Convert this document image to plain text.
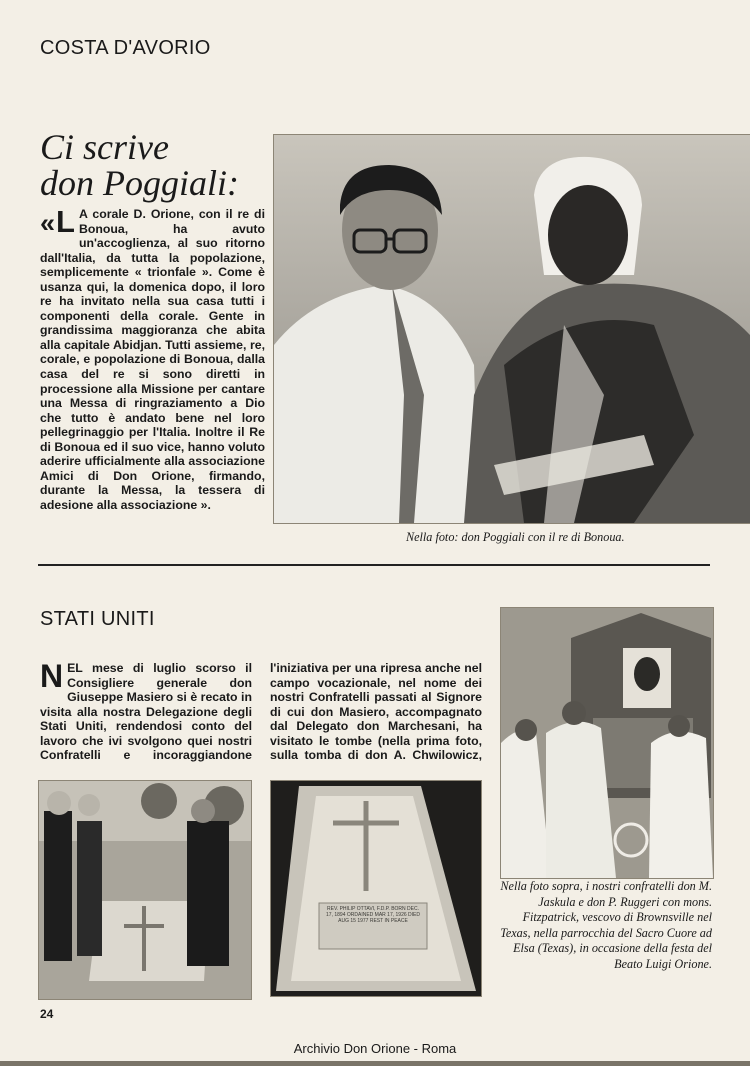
COSTA D'AVORIO
Ci scrive
don Poggiali:
«L A corale D. Orione, con il re di Bonoua, ha avuto un'accoglienza, al suo ritorno dall'Italia, da tutta la popolazione, semplicemente « trionfale ». Come è usanza qui, la domenica dopo, il loro re ha invitato nella sua casa tutti i componenti della corale. Gente in grandissima maggioranza che abita alla capitale Abidjan. Tutti assieme, re, corale, e popolazione di Bonoua, dalla casa del re si sono diretti in processione alla Missione per cantare una Messa di ringraziamento a Dio che tutto è andato bene nel loro pellegrinaggio per l'Italia. Inoltre il Re di Bonoua ed il suo vice, hanno voluto aderire ufficialmente alla associazione Amici di Don Orione, firmando, durante la Messa, la tessera di adesione alla associazione ».
Nella foto: don Poggiali con il re di Bonoua.
STATI UNITI
NEL mese di luglio scorso il Consigliere generale don Giuseppe Masiero si è recato in visita alla nostra Delegazione degli Stati Uniti, rendendosi conto del lavoro che ivi svolgono quei nostri Confratelli e incoraggiandone l'iniziativa per una ripresa anche nel campo vocazionale, nel nome dei nostri Confratelli passati al Signore di cui don Masiero, accompagnato dal Delegato don Marchesani, ha visitato le tombe (nella prima foto, sulla tomba di don A. Chwilowicz,
REV. PHILIP OTTAVI, F.D.P. BORN DEC. 17, 1894 ORDAINED MAR 17, 1926 DIED AUG 15 1977 REST IN PEACE
Nella foto sopra, i nostri confratelli don M. Jaskula e don P. Ruggeri con mons. Fitzpatrick, vescovo di Brownsville nel Texas, nella parrocchia del Sacro Cuore ad Elsa (Texas), in occasione della festa del Beato Luigi Orione.
24
Archivio Don Orione - Roma
